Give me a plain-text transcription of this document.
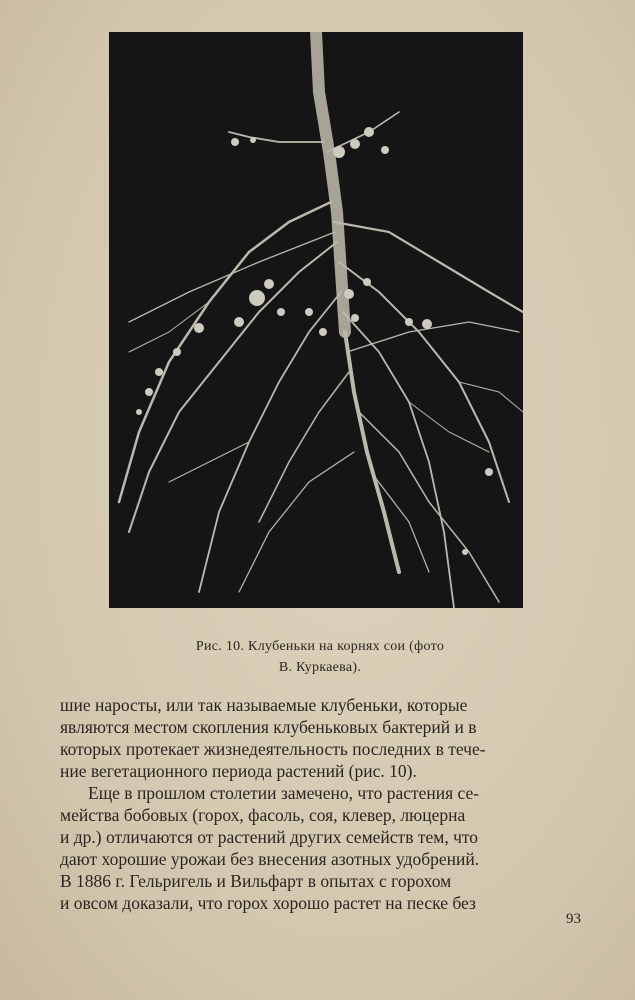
Рис. 10. Клубеньки на корнях сои (фото
В. Куркаева).
шие наросты, или так называемые клубеньки, которые
являются местом скопления клубеньковых бактерий и в
которых протекает жизнедеятельность последних в тече-
ние вегетационного периода растений (рис. 10).
Еще в прошлом столетии замечено, что растения се-
мейства бобовых (горох, фасоль, соя, клевер, люцерна
и др.) отличаются от растений других семейств тем, что
дают хорошие урожаи без внесения азотных удобрений.
В 1886 г. Гельригель и Вильфарт в опытах с горохом
и овсом доказали, что горох хорошо растет на песке без
93
